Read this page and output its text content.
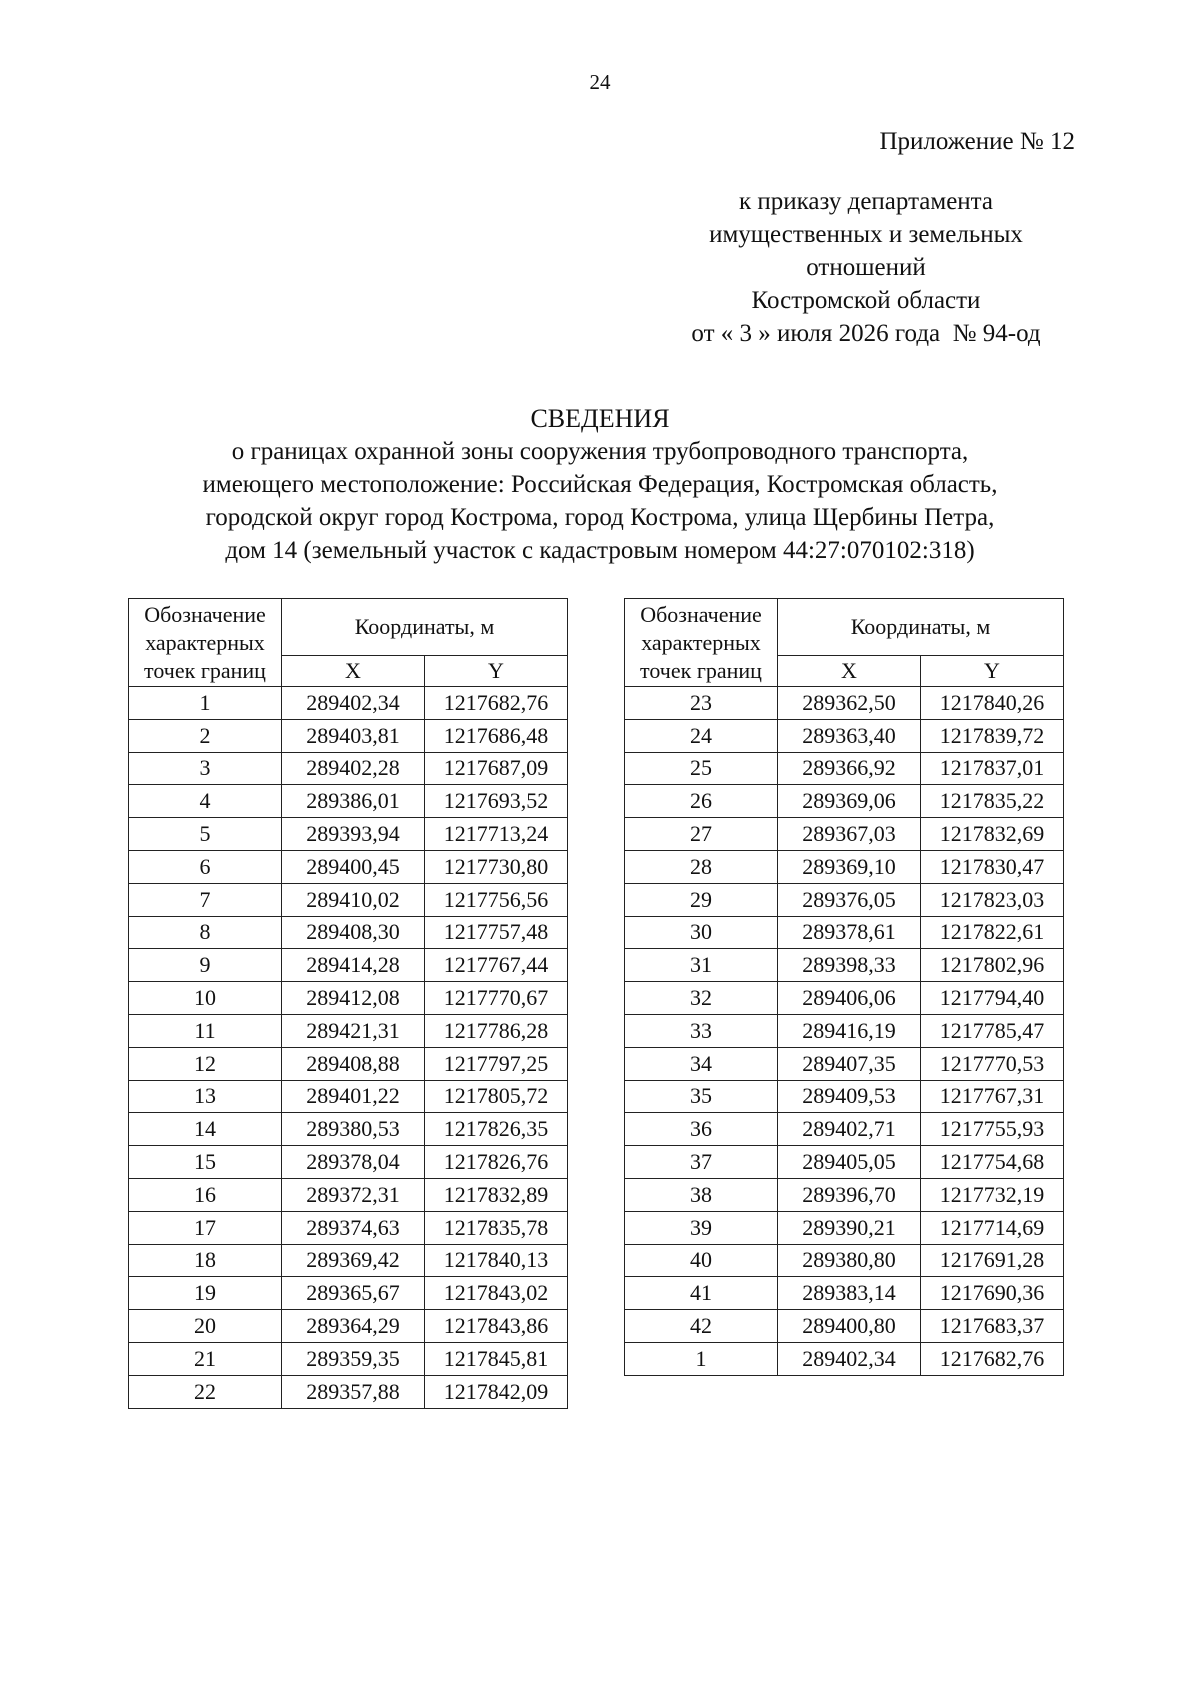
24
Приложение № 12
к приказу департамента
имущественных и земельных
отношений
Костромской области
от « 3 » июля 2026 года  № 94-од
СВЕДЕНИЯ
о границах охранной зоны сооружения трубопроводного транспорта,
имеющего местоположение: Российская Федерация, Костромская область,
городской округ город Кострома, город Кострома, улица Щербины Петра,
дом 14 (земельный участок с кадастровым номером 44:27:070102:318)
Обозначение
характерных
точек границ	Координаты, м	
	X	Y
1	289402,34	1217682,76
2	289403,81	1217686,48
3	289402,28	1217687,09
4	289386,01	1217693,52
5	289393,94	1217713,24
6	289400,45	1217730,80
7	289410,02	1217756,56
8	289408,30	1217757,48
9	289414,28	1217767,44
10	289412,08	1217770,67
11	289421,31	1217786,28
12	289408,88	1217797,25
13	289401,22	1217805,72
14	289380,53	1217826,35
15	289378,04	1217826,76
16	289372,31	1217832,89
17	289374,63	1217835,78
18	289369,42	1217840,13
19	289365,67	1217843,02
20	289364,29	1217843,86
21	289359,35	1217845,81
22	289357,88	1217842,09
Обозначение
характерных
точек границ	Координаты, м	
	X	Y
23	289362,50	1217840,26
24	289363,40	1217839,72
25	289366,92	1217837,01
26	289369,06	1217835,22
27	289367,03	1217832,69
28	289369,10	1217830,47
29	289376,05	1217823,03
30	289378,61	1217822,61
31	289398,33	1217802,96
32	289406,06	1217794,40
33	289416,19	1217785,47
34	289407,35	1217770,53
35	289409,53	1217767,31
36	289402,71	1217755,93
37	289405,05	1217754,68
38	289396,70	1217732,19
39	289390,21	1217714,69
40	289380,80	1217691,28
41	289383,14	1217690,36
42	289400,80	1217683,37
1	289402,34	1217682,76
